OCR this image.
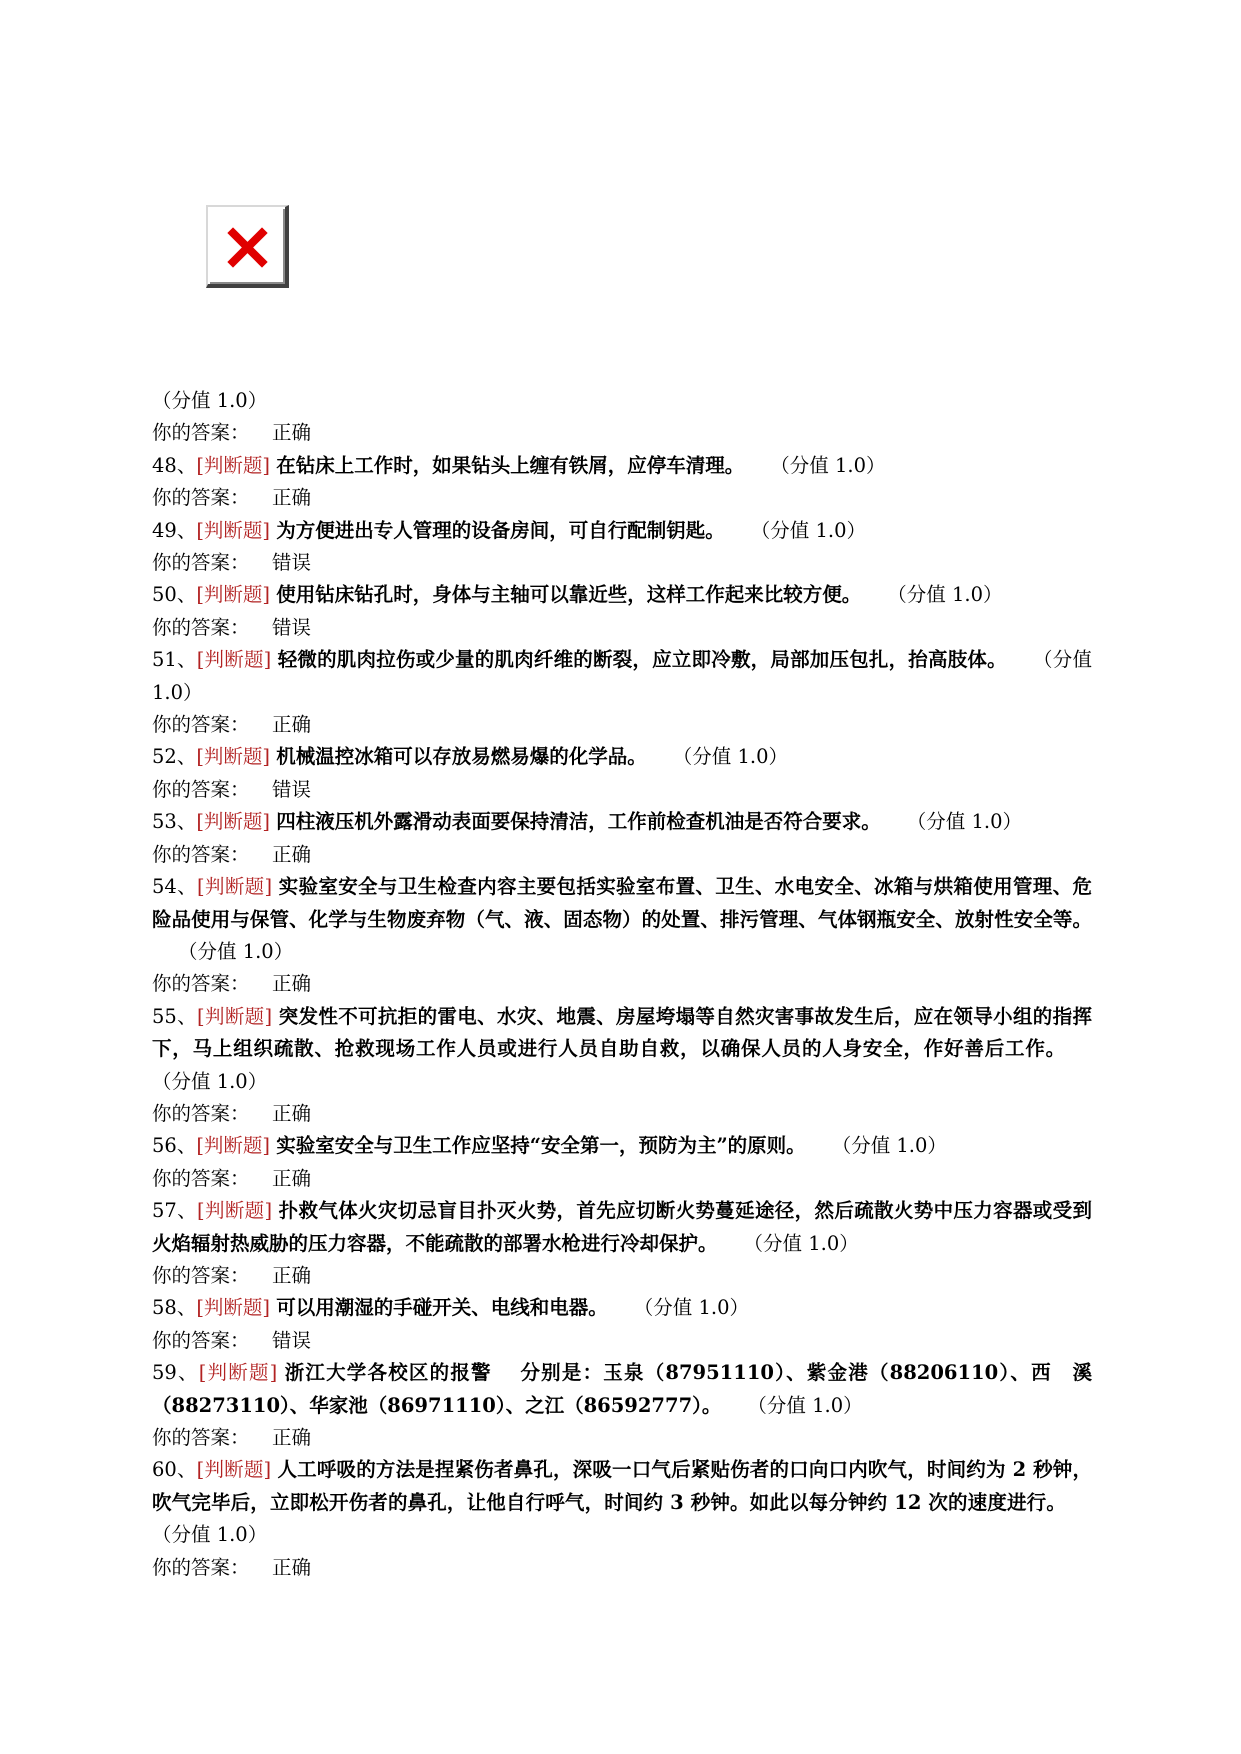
（分值 1.0）

你的答案： 正确

48、[判断题] 在钻床上工作时，如果钻头上缠有铁屑，应停车清理。 （分值 1.0）

你的答案： 正确

49、[判断题] 为方便进出专人管理的设备房间，可自行配制钥匙。 （分值 1.0）

你的答案： 错误

50、[判断题] 使用钻床钻孔时，身体与主轴可以靠近些，这样工作起来比较方便。 （分值 1.0）

你的答案： 错误

51、[判断题] 轻微的肌肉拉伤或少量的肌肉纤维的断裂，应立即冷敷，局部加压包扎，抬高肢体。 （分值 1.0）

你的答案： 正确

52、[判断题] 机械温控冰箱可以存放易燃易爆的化学品。 （分值 1.0）

你的答案： 错误

53、[判断题] 四柱液压机外露滑动表面要保持清洁，工作前检查机油是否符合要求。 （分值 1.0）

你的答案： 正确

54、[判断题] 实验室安全与卫生检查内容主要包括实验室布置、卫生、水电安全、冰箱与烘箱使用管理、危险品使用与保管、化学与生物废弃物（气、液、固态物）的处置、排污管理、气体钢瓶安全、放射性安全等。（分值 1.0）

你的答案： 正确

55、[判断题] 突发性不可抗拒的雷电、水灾、地震、房屋垮塌等自然灾害事故发生后，应在领导小组的指挥下，马上组织疏散、抢救现场工作人员或进行人员自助自救，以确保人员的人身安全，作好善后工作。（分值 1.0）

你的答案： 正确

56、[判断题] 实验室安全与卫生工作应坚持“安全第一，预防为主”的原则。 （分值 1.0）

你的答案： 正确

57、[判断题] 扑救气体火灾切忌盲目扑灭火势，首先应切断火势蔓延途径，然后疏散火势中压力容器或受到火焰辐射热威胁的压力容器，不能疏散的部署水枪进行冷却保护。 （分值 1.0）

你的答案： 正确

58、[判断题] 可以用潮湿的手碰开关、电线和电器。 （分值 1.0）

你的答案： 错误

59、[判断题] 浙江大学各校区的报警　 分别是：玉泉（87951110）、紫金港（88206110）、西　溪（88273110）、华家池（86971110）、之江（86592777）。 （分值 1.0）

你的答案： 正确

60、[判断题] 人工呼吸的方法是捏紧伤者鼻孔，深吸一口气后紧贴伤者的口向口内吹气，时间约为 2 秒钟，吹气完毕后，立即松开伤者的鼻孔，让他自行呼气，时间约 3 秒钟。如此以每分钟约 12 次的速度进行。（分值 1.0）

你的答案： 正确
